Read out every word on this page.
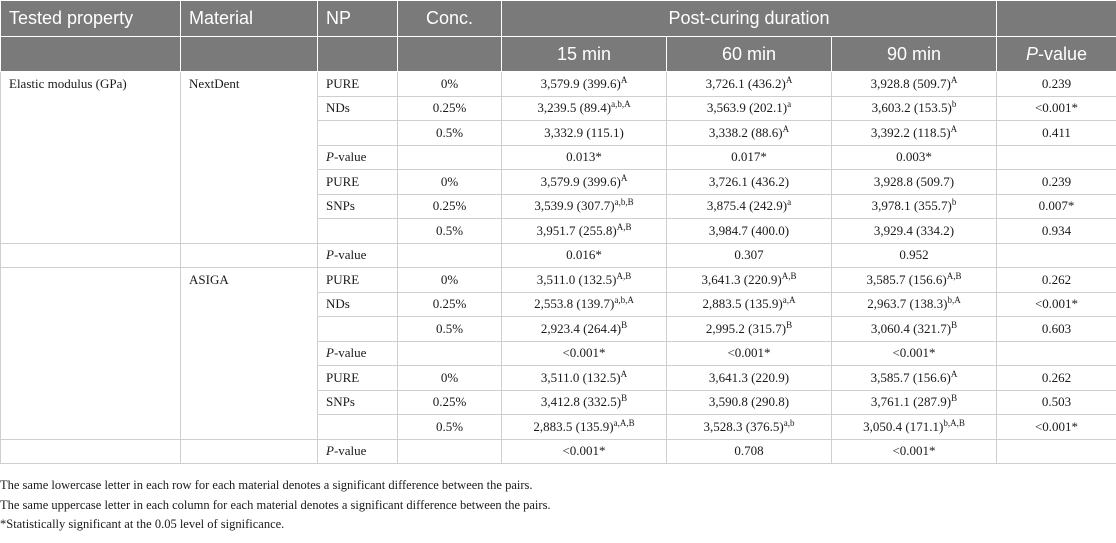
Tested property	Material	NP	Conc.	Post-curing duration			
				15 min	60 min	90 min	P-value
Elastic modulus (GPa)	NextDent	PURE	0%	3,579.9 $(399.6)^A$	3,726.1 $(436.2)^A$	3,928.8 $(509.7)^A$	0.239
		NDs	0.25%	3,239.5 $(89.4)^{a,b,A}$	3,563.9 $(202.1)^a$	3,603.2 $(153.5)^b$	<0.001*
			0.5%	3,332.9 (115.1)	3,338.2 $(88.6)^A$	3,392.2 $(118.5)^A$	0.411
		P-value		0.013*	0.017*	0.003*	
		PURE	0%	3,579.9 $(399.6)^A$	3,726.1 (436.2)	3,928.8 (509.7)	0.239
		SNPs	0.25%	3,539.9 $(307.7)^{a,b,B}$	3,875.4 $(242.9)^a$	3,978.1 $(355.7)^b$	0.007*
			0.5%	3,951.7 $(255.8)^{A,B}$	3,984.7 (400.0)	3,929.4 (334.2)	0.934
		P-value		0.016*	0.307	0.952	
	ASIGA	PURE	0%	3,511.0 $(132.5)^{A,B}$	3,641.3 $(220.9)^{A,B}$	3,585.7 $(156.6)^{A,B}$	0.262
		NDs	0.25%	2,553.8 $(139.7)^{a,b,A}$	2,883.5 $(135.9)^{a,A}$	2,963.7 $(138.3)^{b,A}$	<0.001*
			0.5%	2,923.4 $(264.4)^B$	2,995.2 $(315.7)^B$	3,060.4 $(321.7)^B$	0.603
		P-value		<0.001*	<0.001*	<0.001*	
		PURE	0%	3,511.0 $(132.5)^A$	3,641.3 (220.9)	3,585.7 $(156.6)^A$	0.262
		SNPs	0.25%	3,412.8 $(332.5)^B$	3,590.8 (290.8)	3,761.1 $(287.9)^B$	0.503
			0.5%	2,883.5 $(135.9)^{a,A,B}$	3,528.3 $(376.5)^{a,b}$	3,050.4 $(171.1)^{b,A,B}$	<0.001*
		P-value		<0.001*	0.708	<0.001*	
The same lowercase letter in each row for each material denotes a significant difference between the pairs.
The same uppercase letter in each column for each material denotes a significant difference between the pairs.
*Statistically significant at the 0.05 level of significance.
